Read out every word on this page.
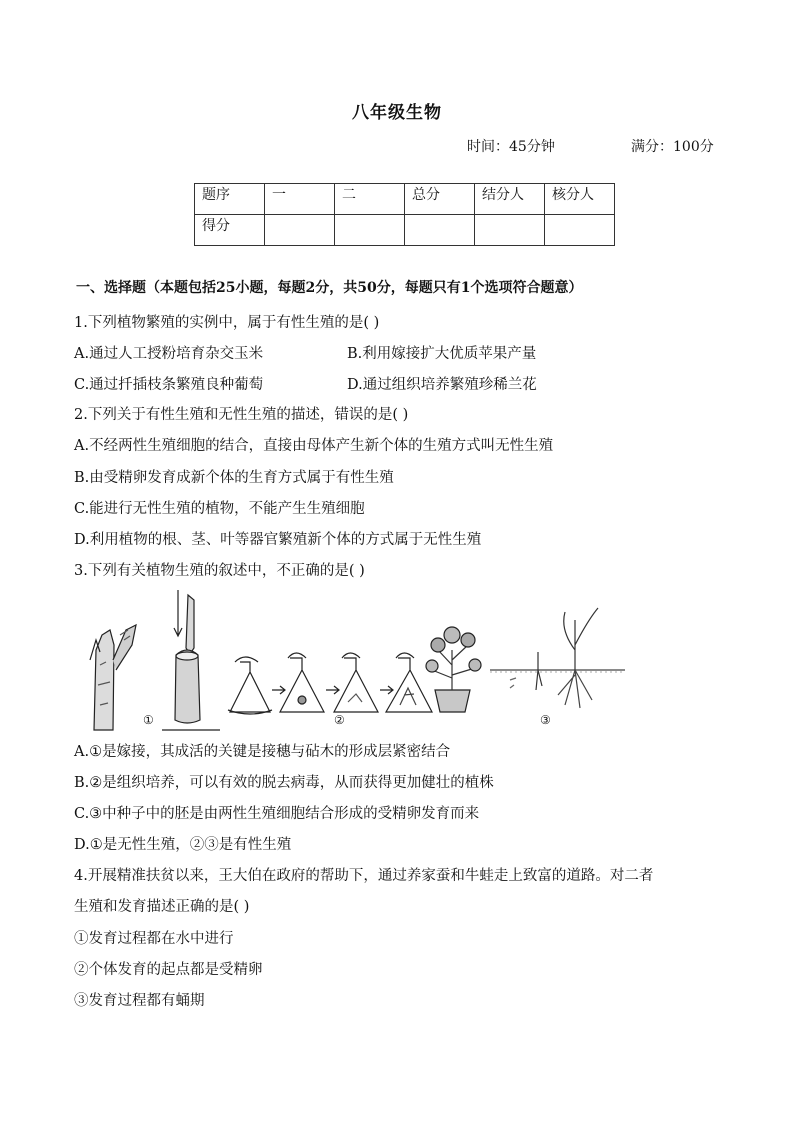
八年级生物
时间：45分钟	满分：100分
题序	一	二	总分	结分人	核分人
得分					
一、选择题（本题包括25小题，每题2分，共50分，每题只有1个选项符合题意）
1.下列植物繁殖的实例中，属于有性生殖的是( )
A.通过人工授粉培育杂交玉米	B.利用嫁接扩大优质苹果产量
C.通过扦插枝条繁殖良种葡萄	D.通过组织培养繁殖珍稀兰花
2.下列关于有性生殖和无性生殖的描述，错误的是( )
A.不经两性生殖细胞的结合，直接由母体产生新个体的生殖方式叫无性生殖
B.由受精卵发育成新个体的生育方式属于有性生殖
C.能进行无性生殖的植物，不能产生生殖细胞
D.利用植物的根、茎、叶等器官繁殖新个体的方式属于无性生殖
3.下列有关植物生殖的叙述中，不正确的是( )
①	②	③
A.①是嫁接，其成活的关键是接穗与砧木的形成层紧密结合
B.②是组织培养，可以有效的脱去病毒，从而获得更加健壮的植株
C.③中种子中的胚是由两性生殖细胞结合形成的受精卵发育而来
D.①是无性生殖，②③是有性生殖
4.开展精准扶贫以来，王大伯在政府的帮助下，通过养家蚕和牛蛙走上致富的道路。对二者
生殖和发育描述正确的是( )
①发育过程都在水中进行
②个体发育的起点都是受精卵
③发育过程都有蛹期
